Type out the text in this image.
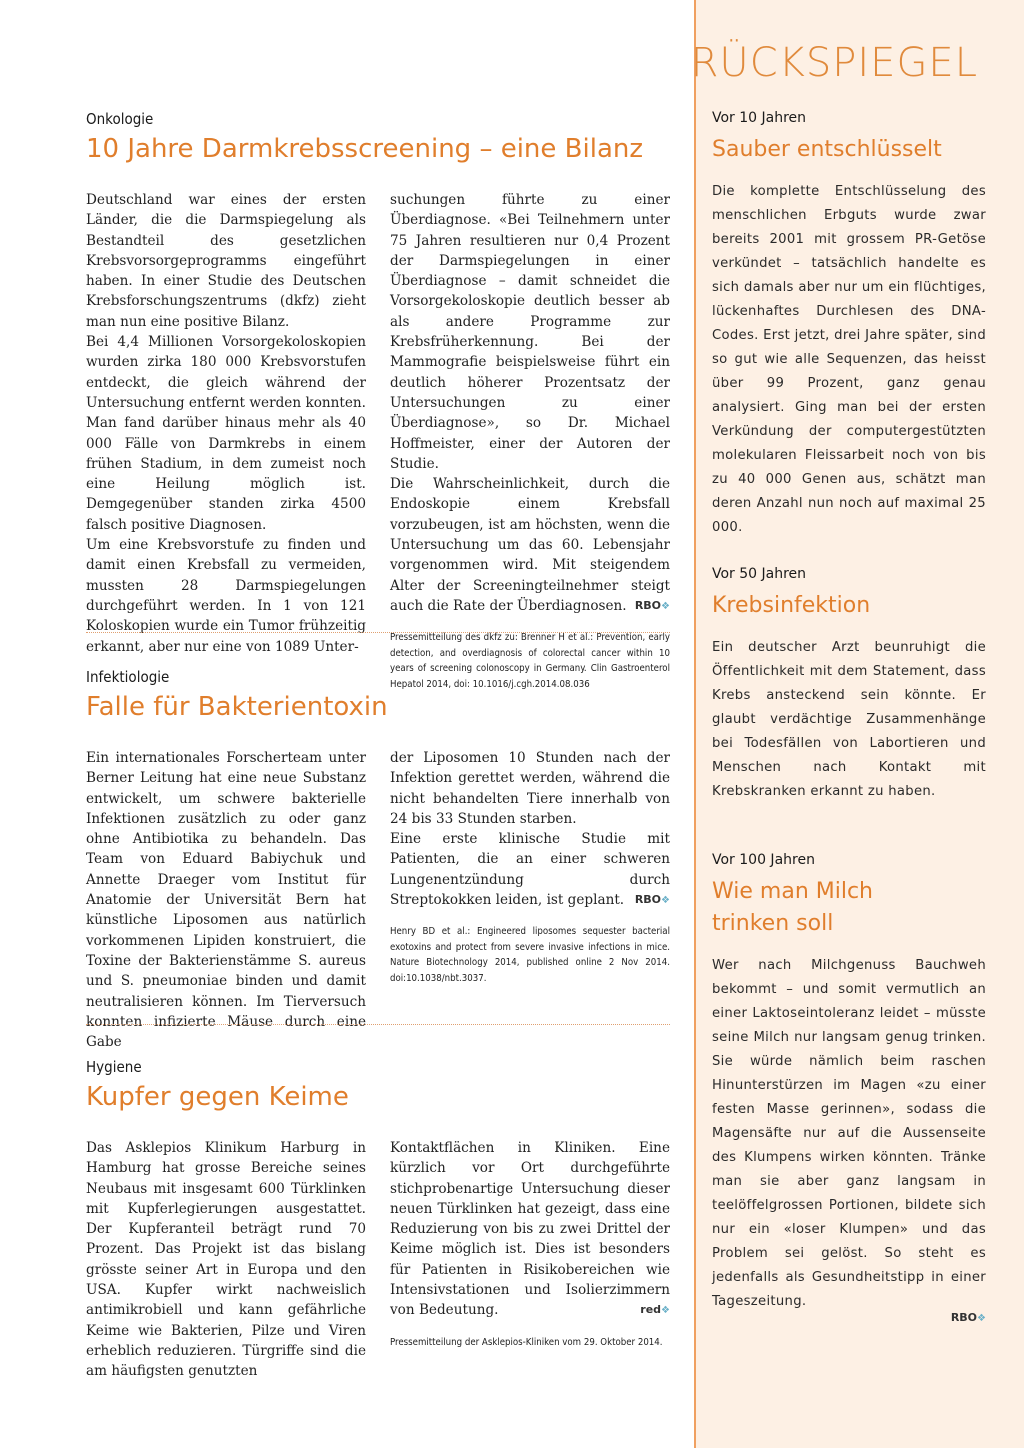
Onkologie
10 Jahre Darmkrebsscreening – eine Bilanz

Deutschland war eines der ersten Länder, die die Darmspiegelung als Bestandteil des gesetzlichen Krebsvorsorgeprogramms eingeführt haben. In einer Studie des Deutschen Krebsforschungszentrums (dkfz) zieht man nun eine positive Bilanz.

Bei 4,4 Millionen Vorsorgekoloskopien wurden zirka 180 000 Krebsvorstufen entdeckt, die gleich während der Untersuchung entfernt werden konnten. Man fand darüber hinaus mehr als 40 000 Fälle von Darmkrebs in einem frühen Stadium, in dem zumeist noch eine Heilung möglich ist. Demgegenüber standen zirka 4500 falsch positive Diagnosen.

Um eine Krebsvorstufe zu finden und damit einen Krebsfall zu vermeiden, mussten 28 Darmspiegelungen durchgeführt werden. In 1 von 121 Koloskopien wurde ein Tumor frühzeitig erkannt, aber nur eine von 1089 Unter-

suchungen führte zu einer Überdiagnose. «Bei Teilnehmern unter 75 Jahren resultieren nur 0,4 Prozent der Darmspiegelungen in einer Überdiagnose – damit schneidet die Vorsorgekoloskopie deutlich besser ab als andere Programme zur Krebsfrüherkennung. Bei der Mammografie beispielsweise führt ein deutlich höherer Prozentsatz der Untersuchungen zu einer Überdiagnose», so Dr. Michael Hoffmeister, einer der Autoren der Studie.

Die Wahrscheinlichkeit, durch die Endoskopie einem Krebsfall vorzubeugen, ist am höchsten, wenn die Untersuchung um das 60. Lebensjahr vorgenommen wird. Mit steigendem Alter der Screeningteilnehmer steigt auch die Rate der Überdiagnosen. RBO❖

Pressemitteilung des dkfz zu: Brenner H et al.: Prevention, early detection, and overdiagnosis of colorectal cancer within 10 years of screening colonoscopy in Germany. Clin Gastroenterol Hepatol 2014, doi: 10.1016/j.cgh.2014.08.036
Infektiologie
Falle für Bakterientoxin

Ein internationales Forscherteam unter Berner Leitung hat eine neue Substanz entwickelt, um schwere bakterielle Infektionen zusätzlich zu oder ganz ohne Antibiotika zu behandeln. Das Team von Eduard Babiychuk und Annette Draeger vom Institut für Anatomie der Universität Bern hat künstliche Liposomen aus natürlich vorkommenen Lipiden konstruiert, die Toxine der Bakterienstämme S. aureus und S. pneumoniae binden und damit neutralisieren können. Im Tierversuch konnten infizierte Mäuse durch eine Gabe

der Liposomen 10 Stunden nach der Infektion gerettet werden, während die nicht behandelten Tiere innerhalb von 24 bis 33 Stunden starben.

Eine erste klinische Studie mit Patienten, die an einer schweren Lungenentzündung durch Streptokokken leiden, ist geplant. RBO❖

Henry BD et al.: Engineered liposomes sequester bacterial exotoxins and protect from severe invasive infections in mice. Nature Biotechnology 2014, published online 2 Nov 2014. doi:10.1038/nbt.3037.
Hygiene
Kupfer gegen Keime

Das Asklepios Klinikum Harburg in Hamburg hat grosse Bereiche seines Neubaus mit insgesamt 600 Türklinken mit Kupferlegierungen ausgestattet. Der Kupferanteil beträgt rund 70 Prozent. Das Projekt ist das bislang grösste seiner Art in Europa und den USA. Kupfer wirkt nachweislich antimikrobiell und kann gefährliche Keime wie Bakterien, Pilze und Viren erheblich reduzieren. Türgriffe sind die am häufigsten genutzten

Kontaktflächen in Kliniken. Eine kürzlich vor Ort durchgeführte stichprobenartige Untersuchung dieser neuen Türklinken hat gezeigt, dass eine Reduzierung von bis zu zwei Drittel der Keime möglich ist. Dies ist besonders für Patienten in Risikobereichen wie Intensivstationen und Isolierzimmern von Bedeutung.	red❖

Pressemitteilung der Asklepios-Kliniken vom 29. Oktober 2014.
RÜCKSPIEGEL
Vor 10 Jahren
Sauber entschlüsselt
Die komplette Entschlüsselung des menschlichen Erbguts wurde zwar bereits 2001 mit grossem PR-Getöse verkündet – tatsächlich handelte es sich damals aber nur um ein flüchtiges, lückenhaftes Durchlesen des DNA-Codes. Erst jetzt, drei Jahre später, sind so gut wie alle Sequenzen, das heisst über 99 Prozent, ganz genau analysiert. Ging man bei der ersten Verkündung der computergestützten molekularen Fleissarbeit noch von bis zu 40 000 Genen aus, schätzt man deren Anzahl nun noch auf maximal 25 000.
Vor 50 Jahren
Krebsinfektion
Ein deutscher Arzt beunruhigt die Öffentlichkeit mit dem Statement, dass Krebs ansteckend sein könnte. Er glaubt verdächtige Zusammenhänge bei Todesfällen von Labortieren und Menschen nach Kontakt mit Krebskranken erkannt zu haben.
Vor 100 Jahren
Wie man Milch
trinken soll
Wer nach Milchgenuss Bauchweh bekommt – und somit vermutlich an einer Laktoseintoleranz leidet – müsste seine Milch nur langsam genug trinken. Sie würde nämlich beim raschen Hinunterstürzen im Magen «zu einer festen Masse gerinnen», sodass die Magensäfte nur auf die Aussenseite des Klumpens wirken könnten. Tränke man sie aber ganz langsam in teelöffelgrossen Portionen, bildete sich nur ein «loser Klumpen» und das Problem sei gelöst. So steht es jedenfalls als Gesundheitstipp in einer Tageszeitung.
RBO❖
